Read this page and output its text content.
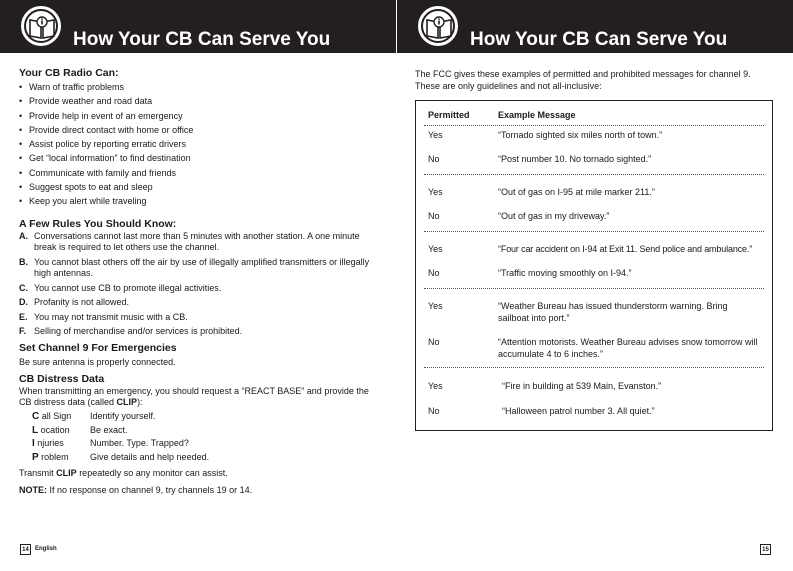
How Your CB Can Serve You
Your CB Radio Can:
• Warn of traffic problems
• Provide weather and road data
• Provide help in event of an emergency
• Provide direct contact with home or office
• Assist police by reporting erratic drivers
• Get “local information” to find destination
• Communicate with family and friends
• Suggest spots to eat and sleep
• Keep you alert while traveling
A Few Rules You Should Know:
A. Conversations cannot last more than 5 minutes with another station. A one minute break is required to let others use the channel.
B. You cannot blast others off the air by use of illegally amplified transmitters or illegally high antennas.
C. You cannot use CB to promote illegal activities.
D. Profanity is not allowed.
E. You may not transmit music with a CB.
F. Selling of merchandise and/or services is prohibited.
Set Channel 9 For Emergencies
Be sure antenna is properly connected.
CB Distress Data
When transmitting an emergency, you should request a “REACT BASE” and provide the CB distress data (called CLIP):
C all Sign	Identify yourself.
L ocation	Be exact.
I njuries	Number. Type. Trapped?
P roblem	Give details and help needed.
Transmit CLIP repeatedly so any monitor can assist.
NOTE: If no response on channel 9, try channels 19 or 14.
14	English
How Your CB Can Serve You
The FCC gives these examples of permitted and prohibited messages for channel 9. These are only guidelines and not all-inclusive:
Permitted	Example Message
Yes	“Tornado sighted six miles north of town.”
No	“Post number 10. No tornado sighted.”
Yes	“Out of gas on I-95 at mile marker 211.”
No	“Out of gas in my driveway.”
Yes	“Four car accident on I-94 at Exit 11. Send police and ambulance.”
No	“Traffic moving smoothly on I-94.”
Yes	“Weather Bureau has issued thunderstorm warning. Bring sailboat into port.”
No	“Attention motorists. Weather Bureau advises snow tomorrow will accumulate 4 to 6 inches.”
Yes	“Fire in building at 539 Main, Evanston.”
No	“Halloween patrol number 3. All quiet.”
15
